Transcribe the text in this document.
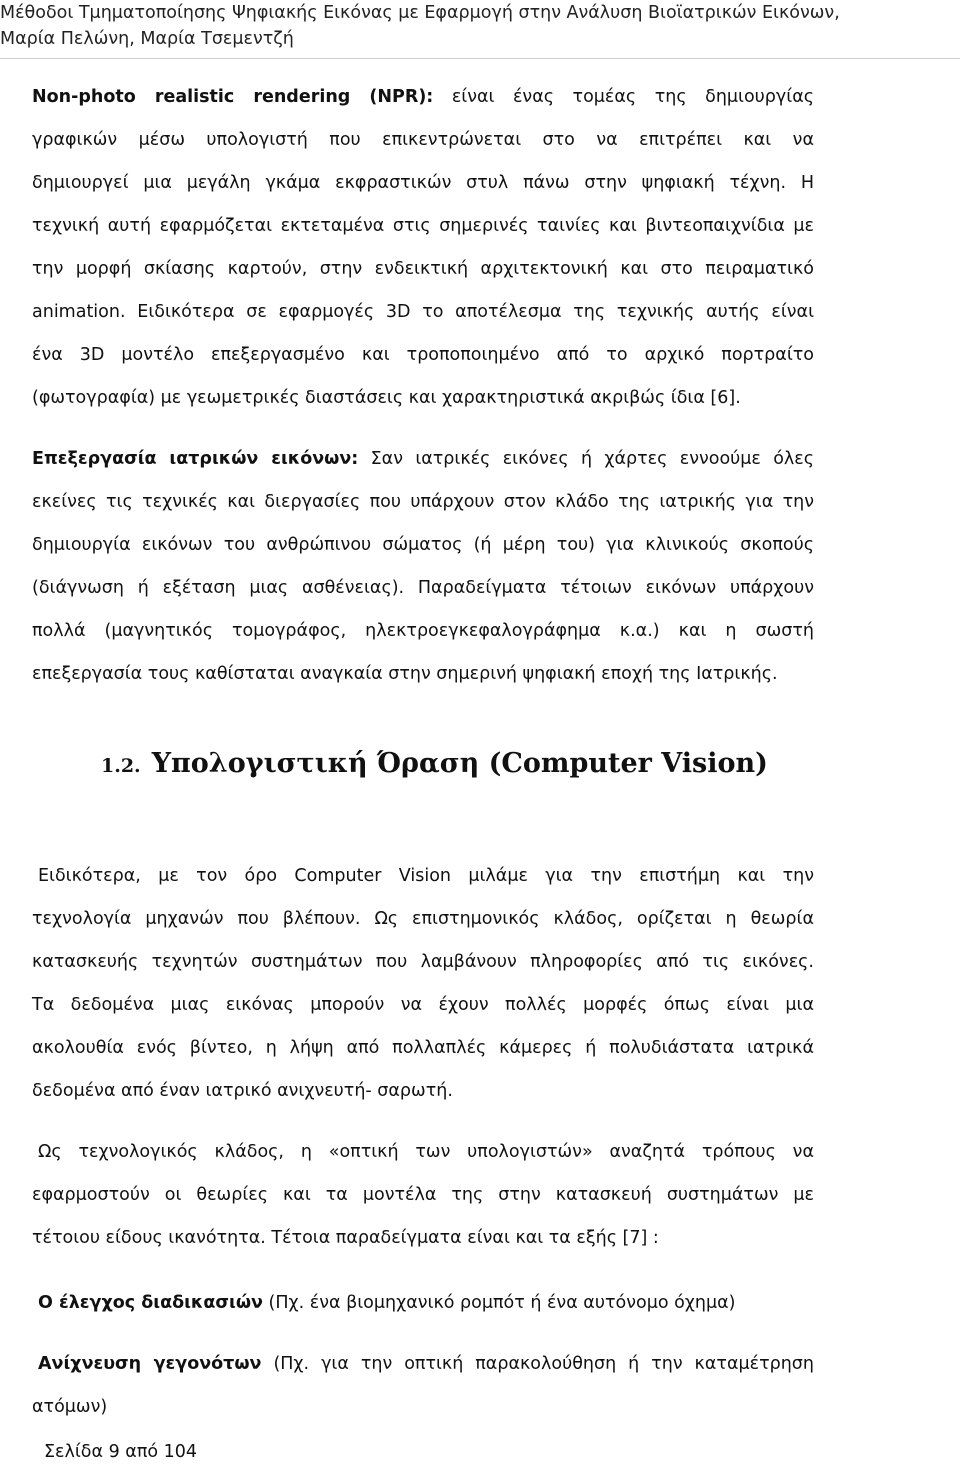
Μέθοδοι Τμηματοποίησης Ψηφιακής Εικόνας με Εφαρμογή στην Ανάλυση Βιοϊατρικών Εικόνων,
Μαρία Πελώνη, Μαρία Τσεμεντζή
Non-photo realistic rendering (NPR): είναι ένας τομέας της δημιουργίας
γραφικών μέσω υπολογιστή που επικεντρώνεται στο να επιτρέπει και να
δημιουργεί μια μεγάλη γκάμα εκφραστικών στυλ πάνω στην ψηφιακή τέχνη. Η
τεχνική αυτή εφαρμόζεται εκτεταμένα στις σημερινές ταινίες και βιντεοπαιχνίδια με
την μορφή σκίασης καρτούν, στην ενδεικτική αρχιτεκτονική και στο πειραματικό
animation. Ειδικότερα σε εφαρμογές 3D το αποτέλεσμα της τεχνικής αυτής είναι
ένα 3D μοντέλο επεξεργασμένο και τροποποιημένο από το αρχικό πορτραίτο
(φωτογραφία) με γεωμετρικές διαστάσεις και χαρακτηριστικά ακριβώς ίδια [6].
Επεξεργασία ιατρικών εικόνων: Σαν ιατρικές εικόνες ή χάρτες εννοούμε όλες
εκείνες τις τεχνικές και διεργασίες που υπάρχουν στον κλάδο της ιατρικής για την
δημιουργία εικόνων του ανθρώπινου σώματος (ή μέρη του) για κλινικούς σκοπούς
(διάγνωση ή εξέταση μιας ασθένειας). Παραδείγματα τέτοιων εικόνων υπάρχουν
πολλά (μαγνητικός τομογράφος, ηλεκτροεγκεφαλογράφημα κ.α.) και η σωστή
επεξεργασία τους καθίσταται αναγκαία στην σημερινή ψηφιακή εποχή της Ιατρικής.
1.2. Υπολογιστική Όραση (Computer Vision)
Ειδικότερα, με τον όρο Computer Vision μιλάμε για την επιστήμη και την
τεχνολογία μηχανών που βλέπουν. Ως επιστημονικός κλάδος, ορίζεται η θεωρία
κατασκευής τεχνητών συστημάτων που λαμβάνουν πληροφορίες από τις εικόνες.
Τα δεδομένα μιας εικόνας μπορούν να έχουν πολλές μορφές όπως είναι μια
ακολουθία ενός βίντεο, η λήψη από πολλαπλές κάμερες ή πολυδιάστατα ιατρικά
δεδομένα από έναν ιατρικό ανιχνευτή- σαρωτή.
Ως τεχνολογικός κλάδος, η «οπτική των υπολογιστών» αναζητά τρόπους να
εφαρμοστούν οι θεωρίες και τα μοντέλα της στην κατασκευή συστημάτων με
τέτοιου είδους ικανότητα. Τέτοια παραδείγματα είναι και τα εξής [7] :
Ο έλεγχος διαδικασιών (Πχ. ένα βιομηχανικό ρομπότ ή ένα αυτόνομο όχημα)
Ανίχνευση γεγονότων (Πχ. για την οπτική παρακολούθηση ή την καταμέτρηση
ατόμων)
Σελίδα 9 από 104
